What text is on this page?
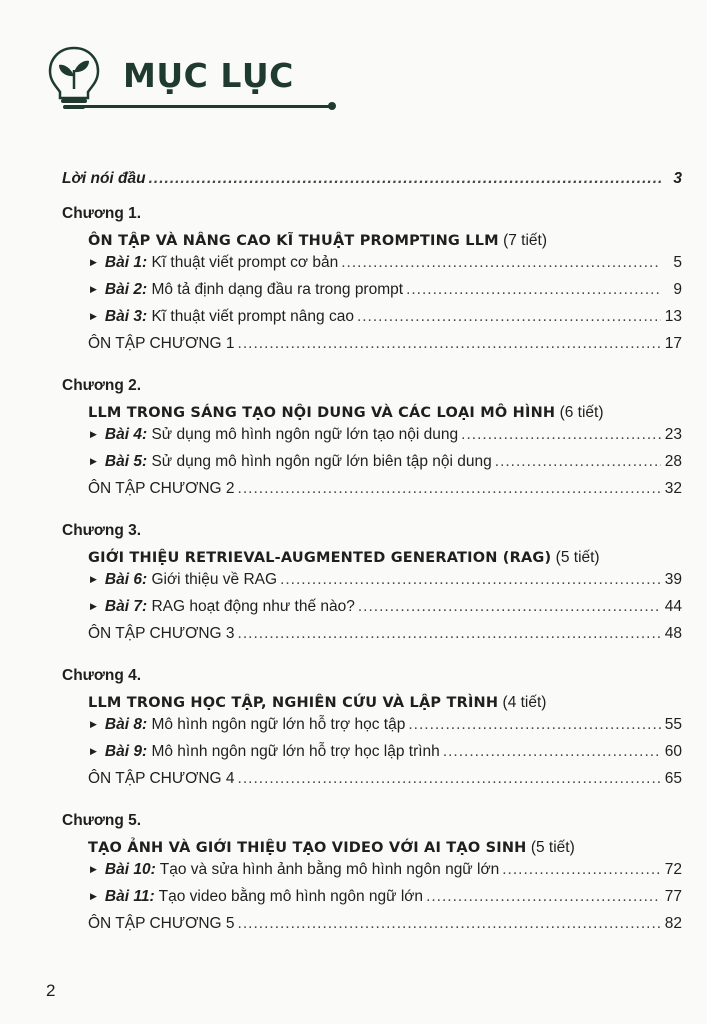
MỤC LỤC
Lời nói đầu .....	3
Chương 1.
ÔN TẬP VÀ NÂNG CAO KĨ THUẬT PROMPTING LLM (7 tiết)
▶ Bài 1: Kĩ thuật viết prompt cơ bản .....	5
▶ Bài 2: Mô tả định dạng đầu ra trong prompt .....	9
▶ Bài 3: Kĩ thuật viết prompt nâng cao .....	13
ÔN TẬP CHƯƠNG 1 .....	17
Chương 2.
LLM TRONG SÁNG TẠO NỘI DUNG VÀ CÁC LOẠI MÔ HÌNH (6 tiết)
▶ Bài 4: Sử dụng mô hình ngôn ngữ lớn tạo nội dung .....	23
▶ Bài 5: Sử dụng mô hình ngôn ngữ lớn biên tập nội dung .....	28
ÔN TẬP CHƯƠNG 2 .....	32
Chương 3.
GIỚI THIỆU RETRIEVAL-AUGMENTED GENERATION (RAG) (5 tiết)
▶ Bài 6: Giới thiệu về RAG .....	39
▶ Bài 7: RAG hoạt động như thế nào? .....	44
ÔN TẬP CHƯƠNG 3 .....	48
Chương 4.
LLM TRONG HỌC TẬP, NGHIÊN CỨU VÀ LẬP TRÌNH (4 tiết)
▶ Bài 8: Mô hình ngôn ngữ lớn hỗ trợ học tập .....	55
▶ Bài 9: Mô hình ngôn ngữ lớn hỗ trợ học lập trình .....	60
ÔN TẬP CHƯƠNG 4 .....	65
Chương 5.
TẠO ẢNH VÀ GIỚI THIỆU TẠO VIDEO VỚI AI TẠO SINH (5 tiết)
▶ Bài 10: Tạo và sửa hình ảnh bằng mô hình ngôn ngữ lớn .....	72
▶ Bài 11: Tạo video bằng mô hình ngôn ngữ lớn .....	77
ÔN TẬP CHƯƠNG 5 .....	82
2
